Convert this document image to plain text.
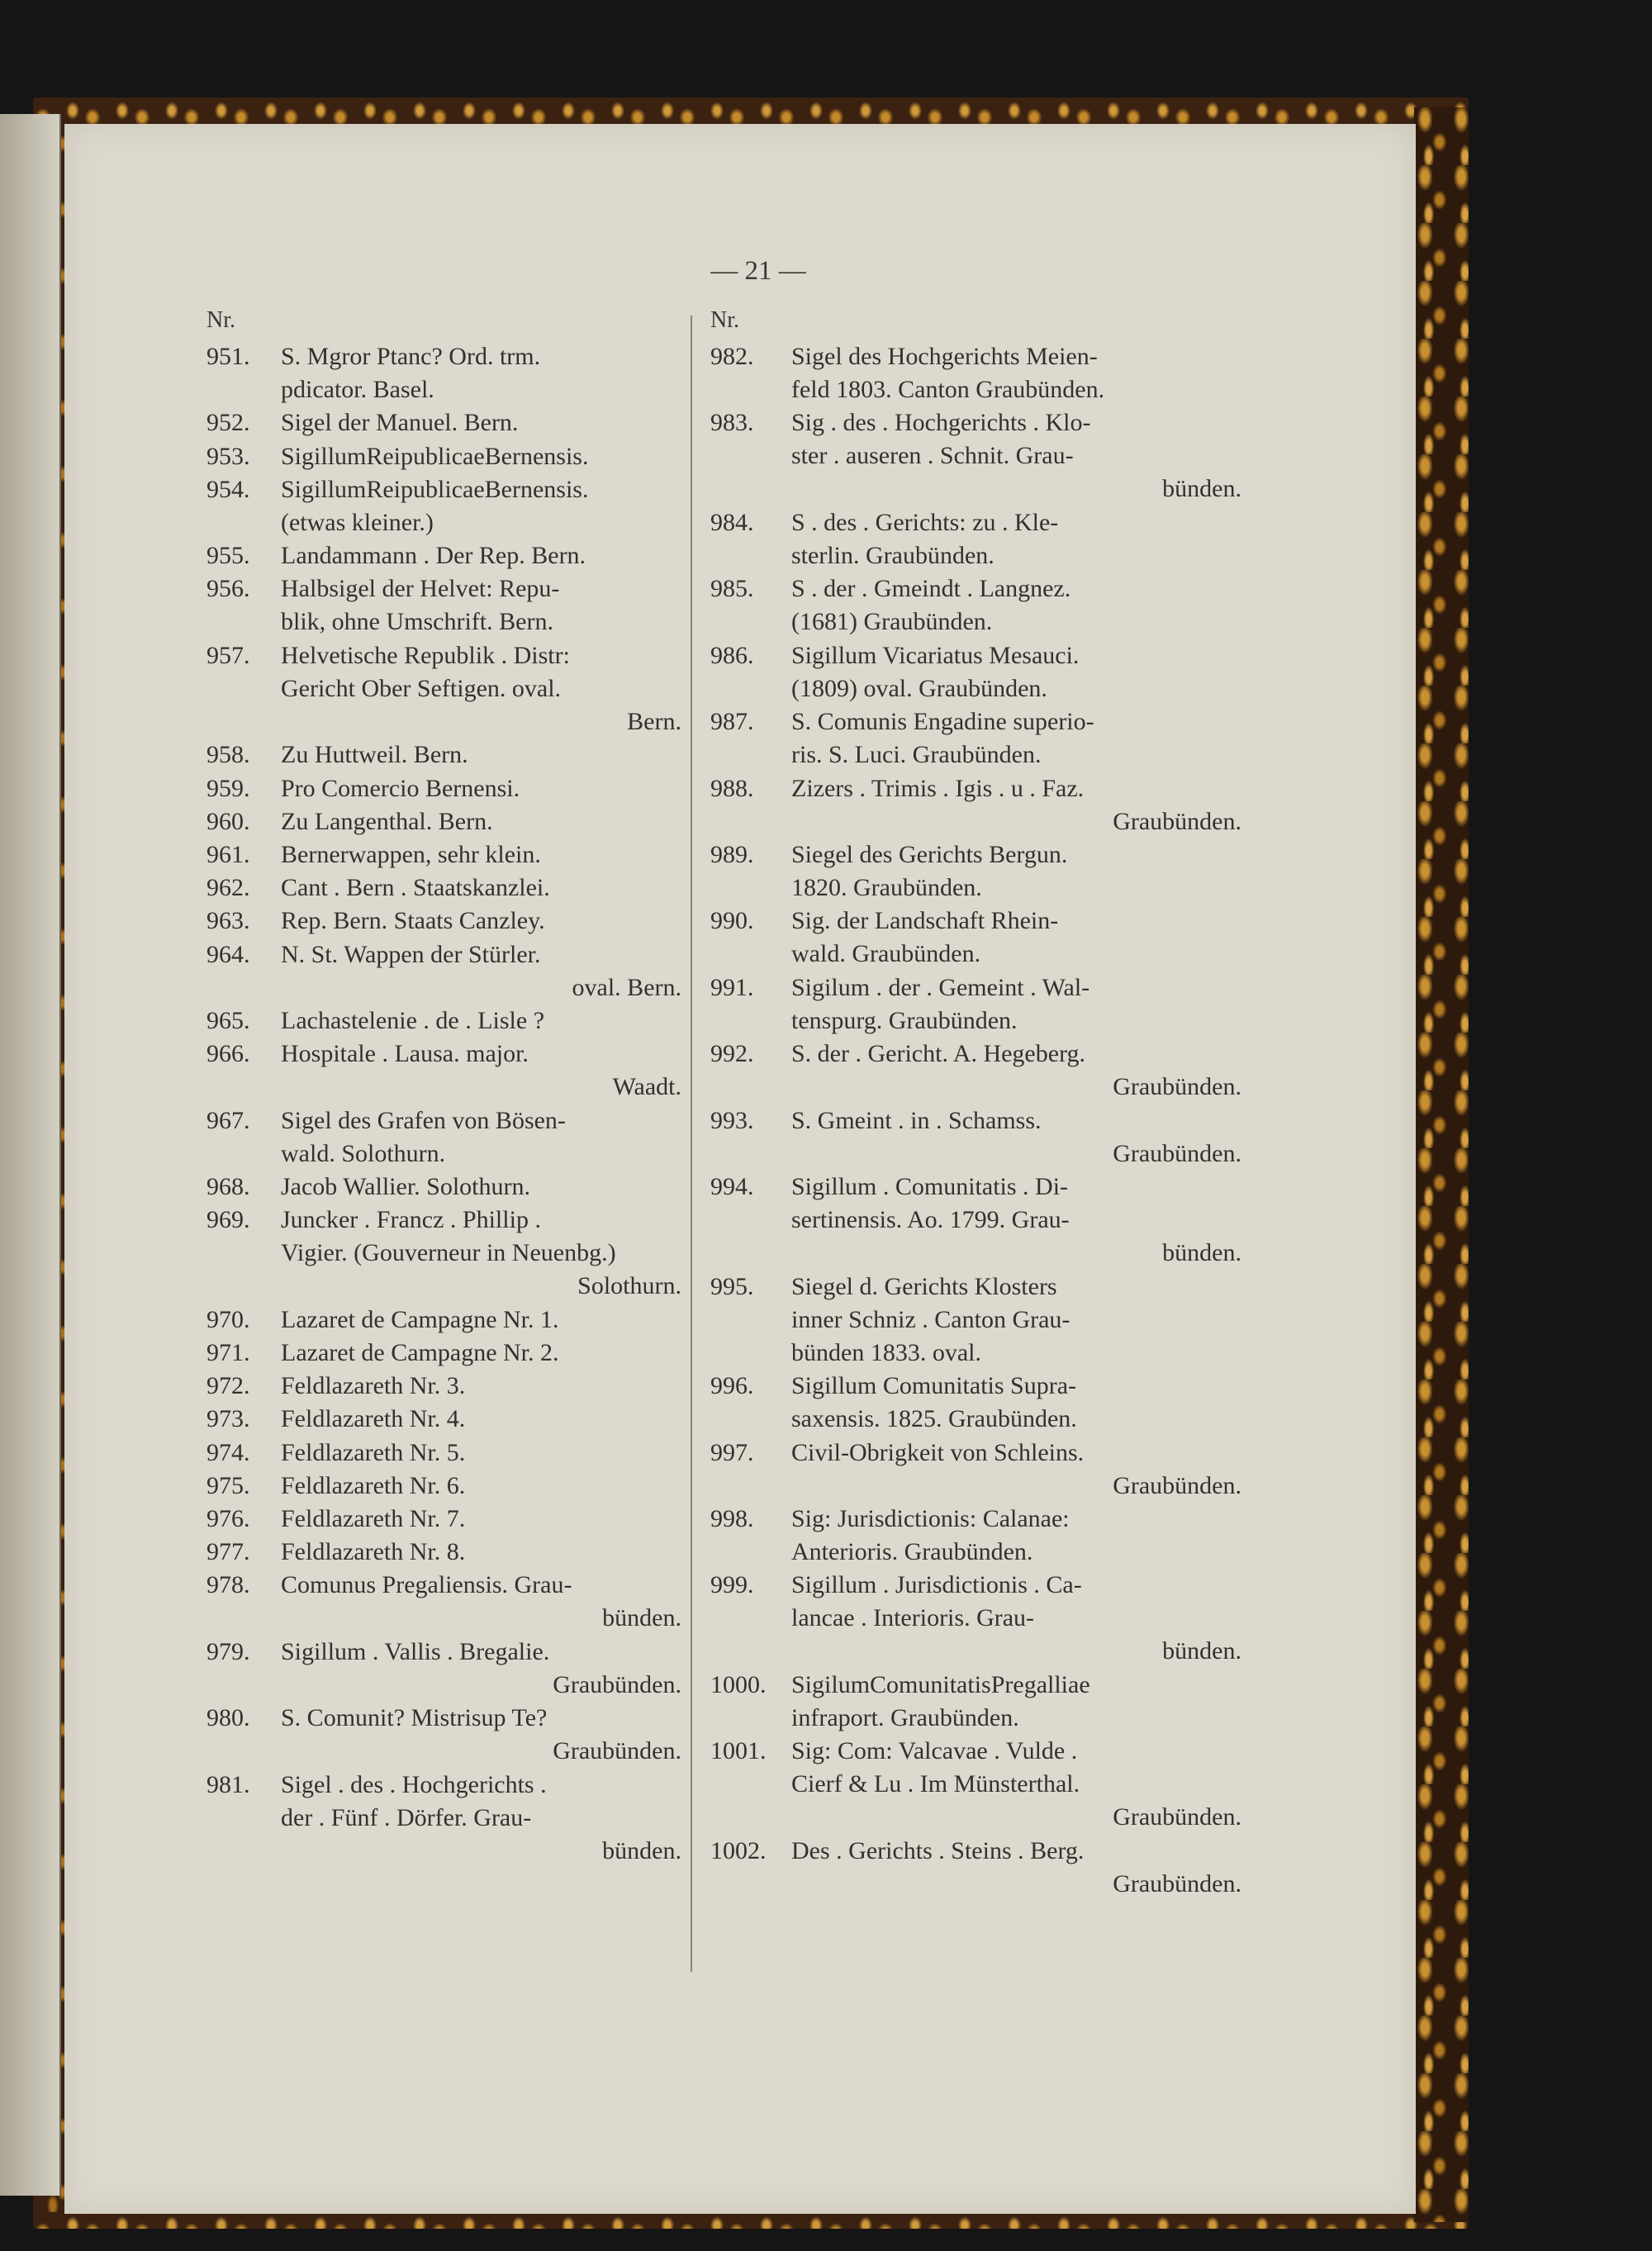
— 21 —
Nr.
951.	S. Mgror Ptanc? Ord. trm.
pdicator. Basel.
952.	Sigel der Manuel. Bern.
953.	SigillumReipublicaeBernensis.
954.	SigillumReipublicaeBernensis.
(etwas kleiner.)
955.	Landammann . Der Rep. Bern.
956.	Halbsigel der Helvet: Repu-
blik, ohne Umschrift. Bern.
957.	Helvetische Republik . Distr:
Gericht Ober Seftigen. oval.
Bern.
958.	Zu Huttweil. Bern.
959.	Pro Comercio Bernensi.
960.	Zu Langenthal. Bern.
961.	Bernerwappen, sehr klein.
962.	Cant . Bern . Staatskanzlei.
963.	Rep. Bern. Staats Canzley.
964.	N. St. Wappen der Stürler.
oval. Bern.
965.	Lachastelenie . de . Lisle ?
966.	Hospitale . Lausa. major.
Waadt.
967.	Sigel des Grafen von Bösen-
wald. Solothurn.
968.	Jacob Wallier. Solothurn.
969.	Juncker . Francz . Phillip .
Vigier. (Gouverneur in Neuenbg.)
Solothurn.
970.	Lazaret de Campagne Nr. 1.
971.	Lazaret de Campagne Nr. 2.
972.	Feldlazareth Nr. 3.
973.	Feldlazareth Nr. 4.
974.	Feldlazareth Nr. 5.
975.	Feldlazareth Nr. 6.
976.	Feldlazareth Nr. 7.
977.	Feldlazareth Nr. 8.
978.	Comunus Pregaliensis. Grau-
bünden.
979.	Sigillum . Vallis . Bregalie.
Graubünden.
980.	S. Comunit? Mistrisup Te?
Graubünden.
981.	Sigel . des . Hochgerichts .
der . Fünf . Dörfer. Grau-
bünden.
Nr.
982.	Sigel des Hochgerichts Meien-
feld 1803. Canton Graubünden.
983.	Sig . des . Hochgerichts . Klo-
ster . auseren . Schnit. Grau-
bünden.
984.	S . des . Gerichts: zu . Kle-
sterlin. Graubünden.
985.	S . der . Gmeindt . Langnez.
(1681) Graubünden.
986.	Sigillum Vicariatus Mesauci.
(1809) oval. Graubünden.
987.	S. Comunis Engadine superio-
ris. S. Luci. Graubünden.
988.	Zizers . Trimis . Igis . u . Faz.
Graubünden.
989.	Siegel des Gerichts Bergun.
1820. Graubünden.
990.	Sig. der Landschaft Rhein-
wald. Graubünden.
991.	Sigilum . der . Gemeint . Wal-
tenspurg. Graubünden.
992.	S. der . Gericht. A. Hegeberg.
Graubünden.
993.	S. Gmeint . in . Schamss.
Graubünden.
994.	Sigillum . Comunitatis . Di-
sertinensis. Ao. 1799. Grau-
bünden.
995.	Siegel d. Gerichts Klosters
inner Schniz . Canton Grau-
bünden 1833. oval.
996.	Sigillum Comunitatis Supra-
saxensis. 1825. Graubünden.
997.	Civil-Obrigkeit von Schleins.
Graubünden.
998.	Sig: Jurisdictionis: Calanae:
Anterioris. Graubünden.
999.	Sigillum . Jurisdictionis . Ca-
lancae . Interioris. Grau-
bünden.
1000.	SigilumComunitatisPregalliae
infraport. Graubünden.
1001.	Sig: Com: Valcavae . Vulde .
Cierf & Lu . Im Münsterthal.
Graubünden.
1002.	Des . Gerichts . Steins . Berg.
Graubünden.
